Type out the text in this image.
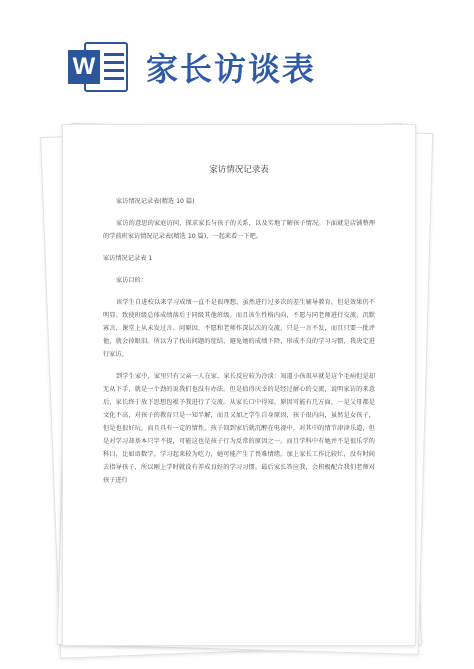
W 家长访谈表
家访情况记录表

家访情况记录表(精选 10 篇)

家访的意思的家庭访问、探求家长与孩子的关系，以及实地了解孩子情况。下面就是店铺整理的学前班家访情况记录表(精选 10 篇)，一起来看一下吧。

家访情况记录表 1

家访目的：

该学生自进校以来学习成绩一直不是很理想，虽然进行过多次的差生辅导教育，但是效果仍不明显。致使班级总体成绩落后于同级其他班级。而且该生性格内向，不愿与同老师进行交流，沉默寡言，课堂上从未发过言。问原因，不愿和老师作深层次的交流，只是一言不发，而且只要一批评他，就会掉眼泪。所以为了找出问题的症结，避免她的成绩下降，形成不良的学习习惯，我决定进行家访。

到学生家中，家里只有父亲一人在家，家长反应较为冷淡：知道小孩很早就是这个毛病但是却无从下手，就是一个劲的说我们也没有办法。但是值得庆幸的是经过耐心的交流，说明家访的来意后，家长终于放下思想包袱予我进行了交流。从家长口中得知，原因可能有几方面，一是父母都是文化不高，对孩子的教育只是一知半解，而且又加之学生自身原因，孩子很内向，虽然是女孩子，但是也很好玩，而且具有一定的情性。孩子回到家后就沉醉在电视中，对其中的情节津津乐道，但是对学习却基本只字不提，可能这也是孩子行为反常的原因之一。而且学科中有她并不是很乐学的科目，比如语数学。学习起来较为吃力，她可能产生了畏难情绪。加上家长工作比较忙，没有时间去指导孩子，所以刚上学时就没有养成良好的学习习惯。最后家长答应我，会积极配合我们老师对孩子进行
